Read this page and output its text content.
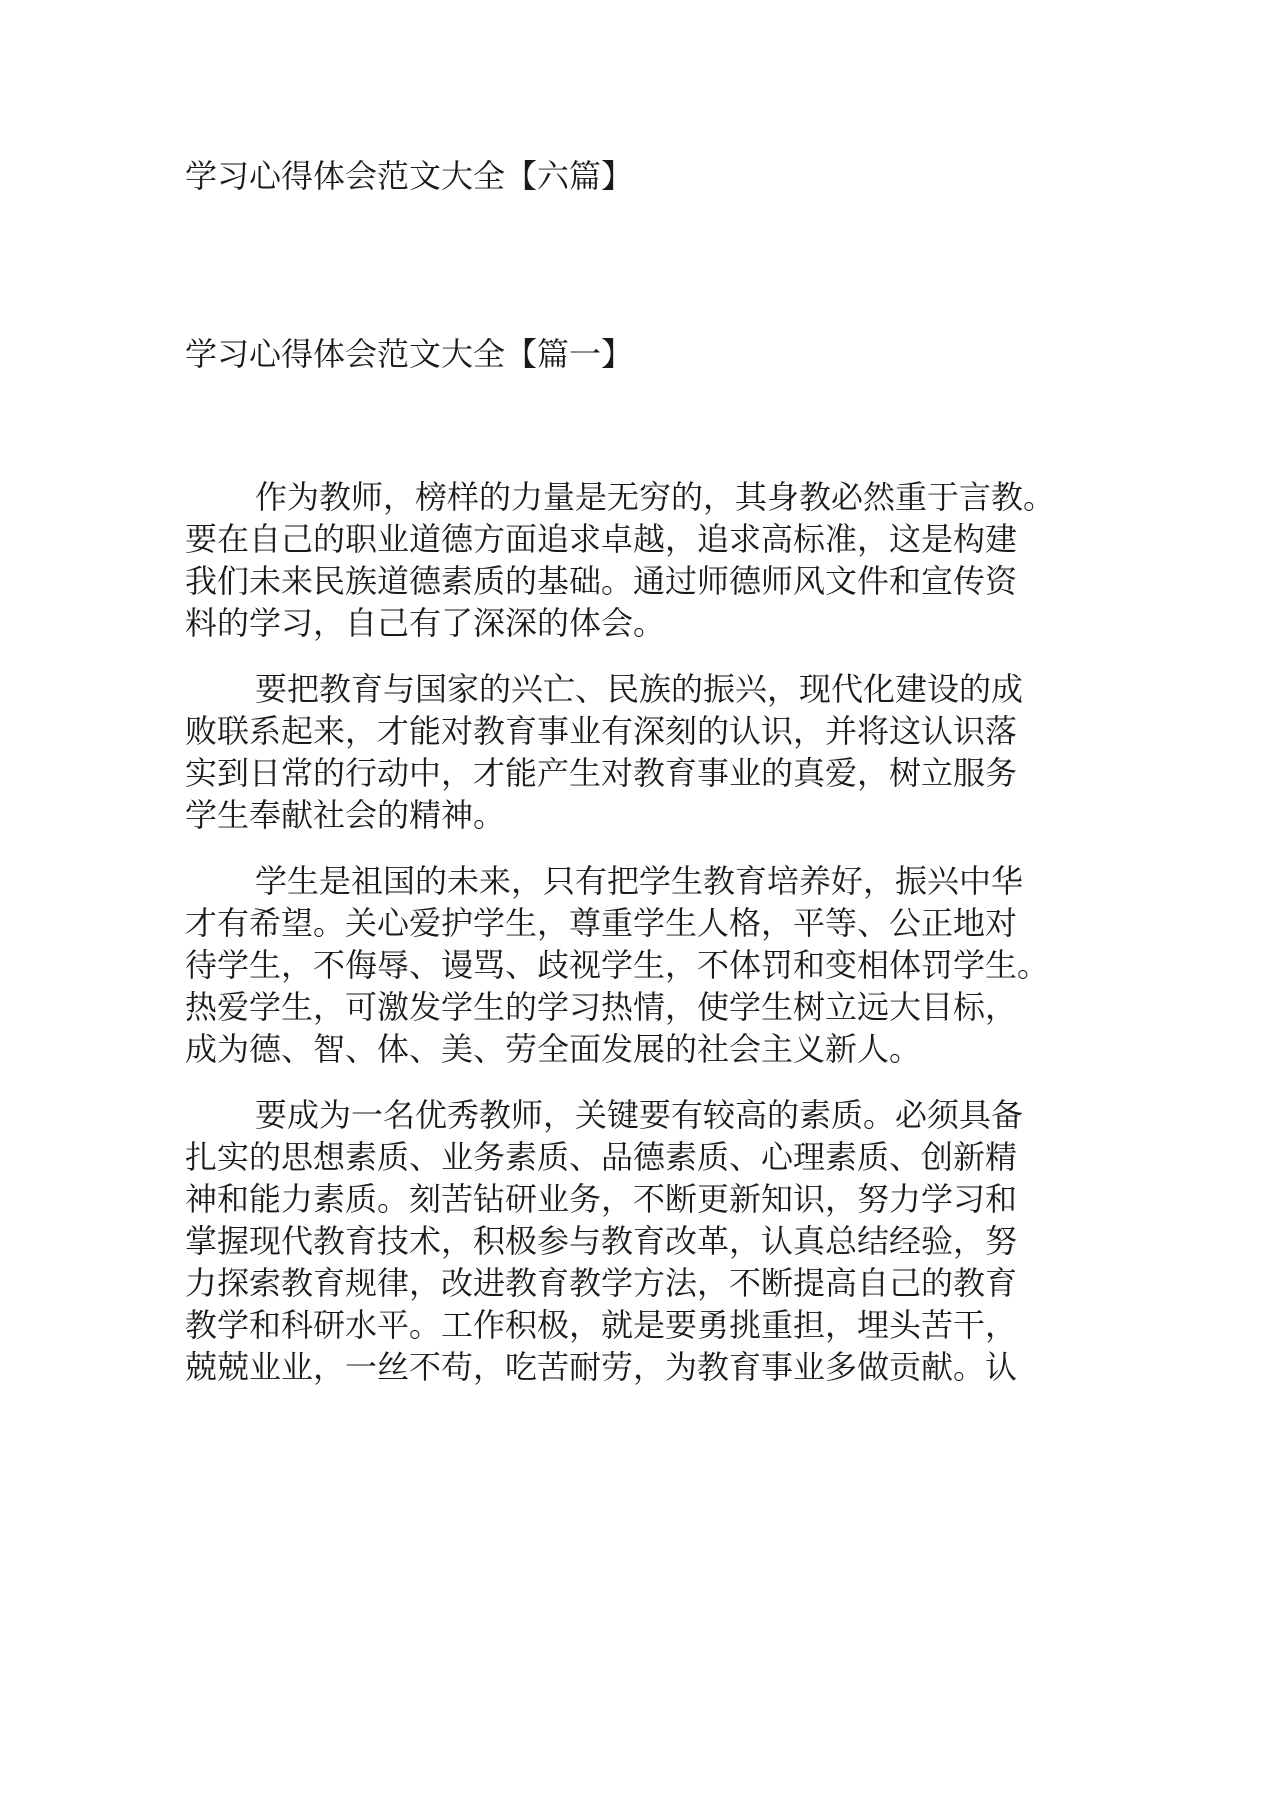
学习心得体会范文大全【六篇】
学习心得体会范文大全【篇一】
作为教师，榜样的力量是无穷的，其身教必然重于言教。
要在自己的职业道德方面追求卓越，追求高标准，这是构建
我们未来民族道德素质的基础。通过师德师风文件和宣传资
料的学习，自己有了深深的体会。
要把教育与国家的兴亡、民族的振兴，现代化建设的成
败联系起来，才能对教育事业有深刻的认识，并将这认识落
实到日常的行动中，才能产生对教育事业的真爱，树立服务
学生奉献社会的精神。
学生是祖国的未来，只有把学生教育培养好，振兴中华
才有希望。关心爱护学生，尊重学生人格，平等、公正地对
待学生，不侮辱、谩骂、歧视学生，不体罚和变相体罚学生。
热爱学生，可激发学生的学习热情，使学生树立远大目标，
成为德、智、体、美、劳全面发展的社会主义新人。
要成为一名优秀教师，关键要有较高的素质。必须具备
扎实的思想素质、业务素质、品德素质、心理素质、创新精
神和能力素质。刻苦钻研业务，不断更新知识，努力学习和
掌握现代教育技术，积极参与教育改革，认真总结经验，努
力探索教育规律，改进教育教学方法，不断提高自己的教育
教学和科研水平。工作积极，就是要勇挑重担，埋头苦干，
兢兢业业，一丝不苟，吃苦耐劳，为教育事业多做贡献。认
